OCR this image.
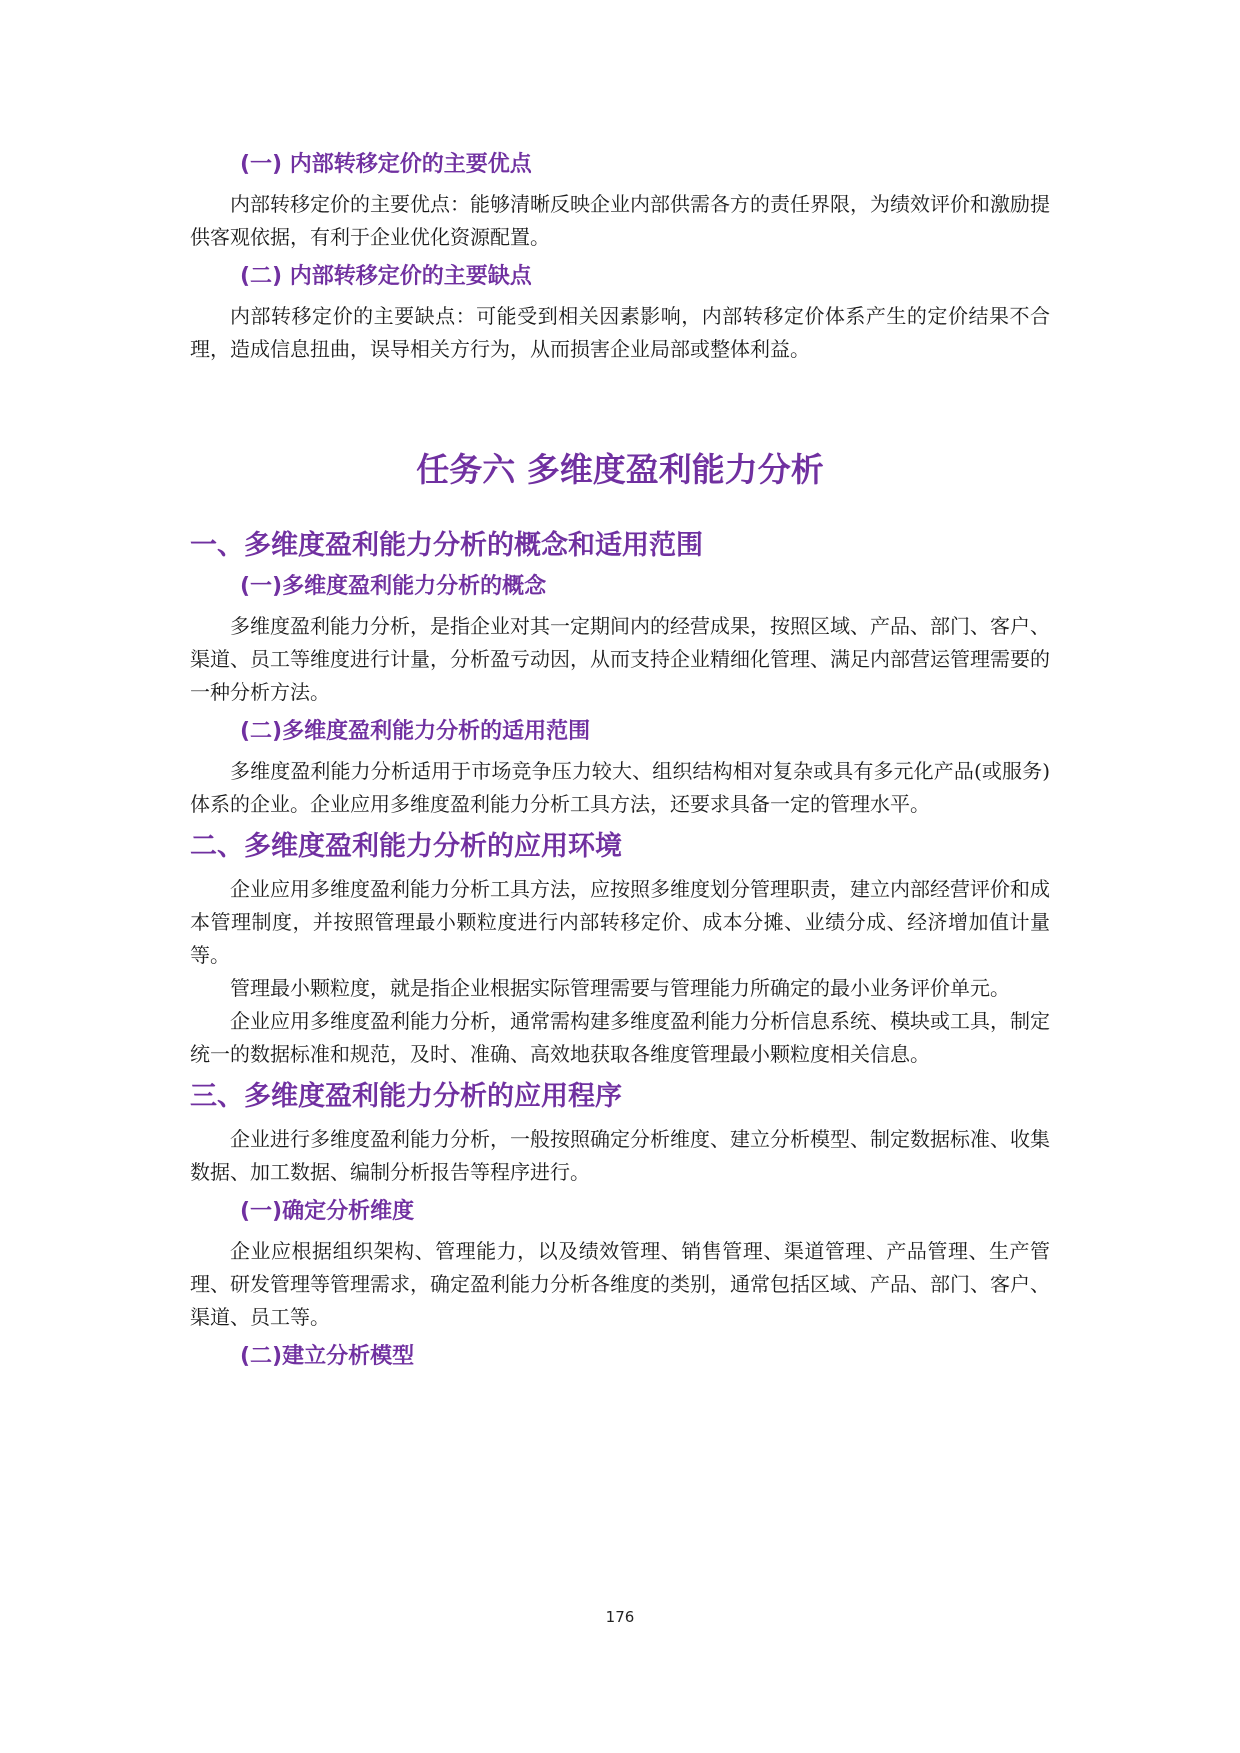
(一) 内部转移定价的主要优点

内部转移定价的主要优点：能够清晰反映企业内部供需各方的责任界限，为绩效评价和激励提供客观依据，有利于企业优化资源配置。

(二) 内部转移定价的主要缺点

内部转移定价的主要缺点：可能受到相关因素影响，内部转移定价体系产生的定价结果不合理，造成信息扭曲，误导相关方行为，从而损害企业局部或整体利益。

任务六 多维度盈利能力分析
一、多维度盈利能力分析的概念和适用范围
(一)多维度盈利能力分析的概念

多维度盈利能力分析，是指企业对其一定期间内的经营成果，按照区域、产品、部门、客户、渠道、员工等维度进行计量，分析盈亏动因，从而支持企业精细化管理、满足内部营运管理需要的一种分析方法。

(二)多维度盈利能力分析的适用范围

多维度盈利能力分析适用于市场竞争压力较大、组织结构相对复杂或具有多元化产品(或服务)体系的企业。企业应用多维度盈利能力分析工具方法，还要求具备一定的管理水平。

二、多维度盈利能力分析的应用环境

企业应用多维度盈利能力分析工具方法，应按照多维度划分管理职责，建立内部经营评价和成本管理制度，并按照管理最小颗粒度进行内部转移定价、成本分摊、业绩分成、经济增加值计量等。

管理最小颗粒度，就是指企业根据实际管理需要与管理能力所确定的最小业务评价单元。

企业应用多维度盈利能力分析，通常需构建多维度盈利能力分析信息系统、模块或工具，制定统一的数据标准和规范，及时、准确、高效地获取各维度管理最小颗粒度相关信息。

三、多维度盈利能力分析的应用程序

企业进行多维度盈利能力分析，一般按照确定分析维度、建立分析模型、制定数据标准、收集数据、加工数据、编制分析报告等程序进行。

(一)确定分析维度

企业应根据组织架构、管理能力，以及绩效管理、销售管理、渠道管理、产品管理、生产管理、研发管理等管理需求，确定盈利能力分析各维度的类别，通常包括区域、产品、部门、客户、渠道、员工等。

(二)建立分析模型
176
